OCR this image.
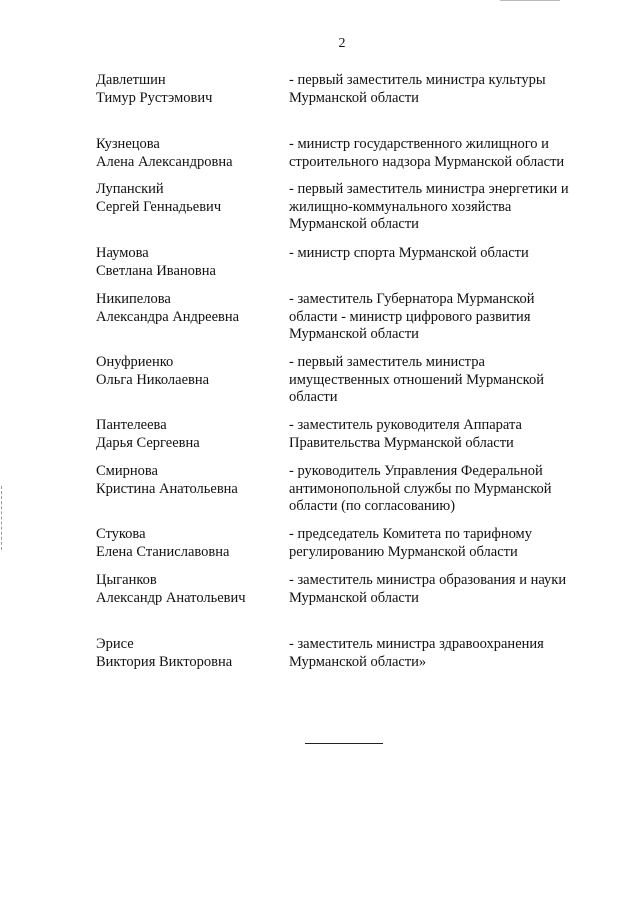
2
Давлетшин
Тимур Рустэмович
- первый заместитель министра культуры
Мурманской области
Кузнецова
Алена Александровна
- министр государственного жилищного и
строительного надзора Мурманской области
Лупанский
Сергей Геннадьевич
- первый заместитель министра энергетики и
жилищно-коммунального хозяйства
Мурманской области
Наумова
Светлана Ивановна
- министр спорта Мурманской области
Никипелова
Александра Андреевна
- заместитель Губернатора Мурманской
области - министр цифрового развития
Мурманской области
Онуфриенко
Ольга Николаевна
- первый заместитель министра
имущественных отношений Мурманской
области
Пантелеева
Дарья Сергеевна
- заместитель руководителя Аппарата
Правительства Мурманской области
Смирнова
Кристина Анатольевна
- руководитель Управления Федеральной
антимонопольной службы по Мурманской
области (по согласованию)
Стукова
Елена Станиславовна
- председатель Комитета по тарифному
регулированию Мурманской области
Цыганков
Александр Анатольевич
- заместитель министра образования и науки
Мурманской области
Эрисе
Виктория Викторовна
- заместитель министра здравоохранения
Мурманской области»
